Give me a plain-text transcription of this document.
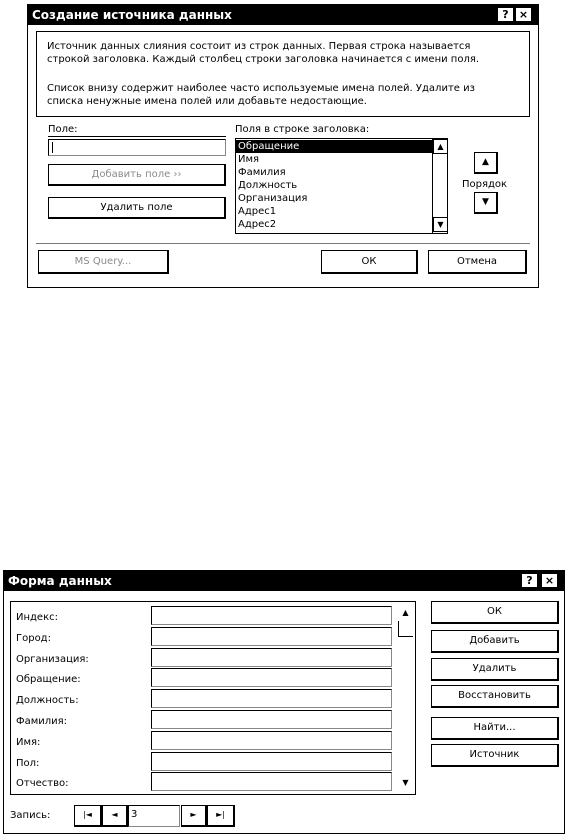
Создание источника данных	? ×
Источник данных слияния состоит из строк данных. Первая строка называется
строкой заголовка. Каждый столбец строки заголовка начинается с имени поля.
Список внизу содержит наиболее часто используемые имена полей. Удалите из
списка ненужные имена полей или добавьте недостающие.
Поле:
Добавить поле ››
Удалить поле
Поля в строке заголовка:
Обращение
Имя
Фамилия
Должность
Организация
Адрес1
Адрес2
▲
▼
▲
Порядок
▼
MS Query...	ОК	Отмена
Форма данных	?	×
Индекс:
Город:
Организация:
Обращение:
Должность:
Фамилия:
Имя:
Пол:
Отчество:
▲
▼
ОК
Добавить
Удалить
Восстановить
Найти...
Источник
Запись:	|◄	◄	3	►	►|
